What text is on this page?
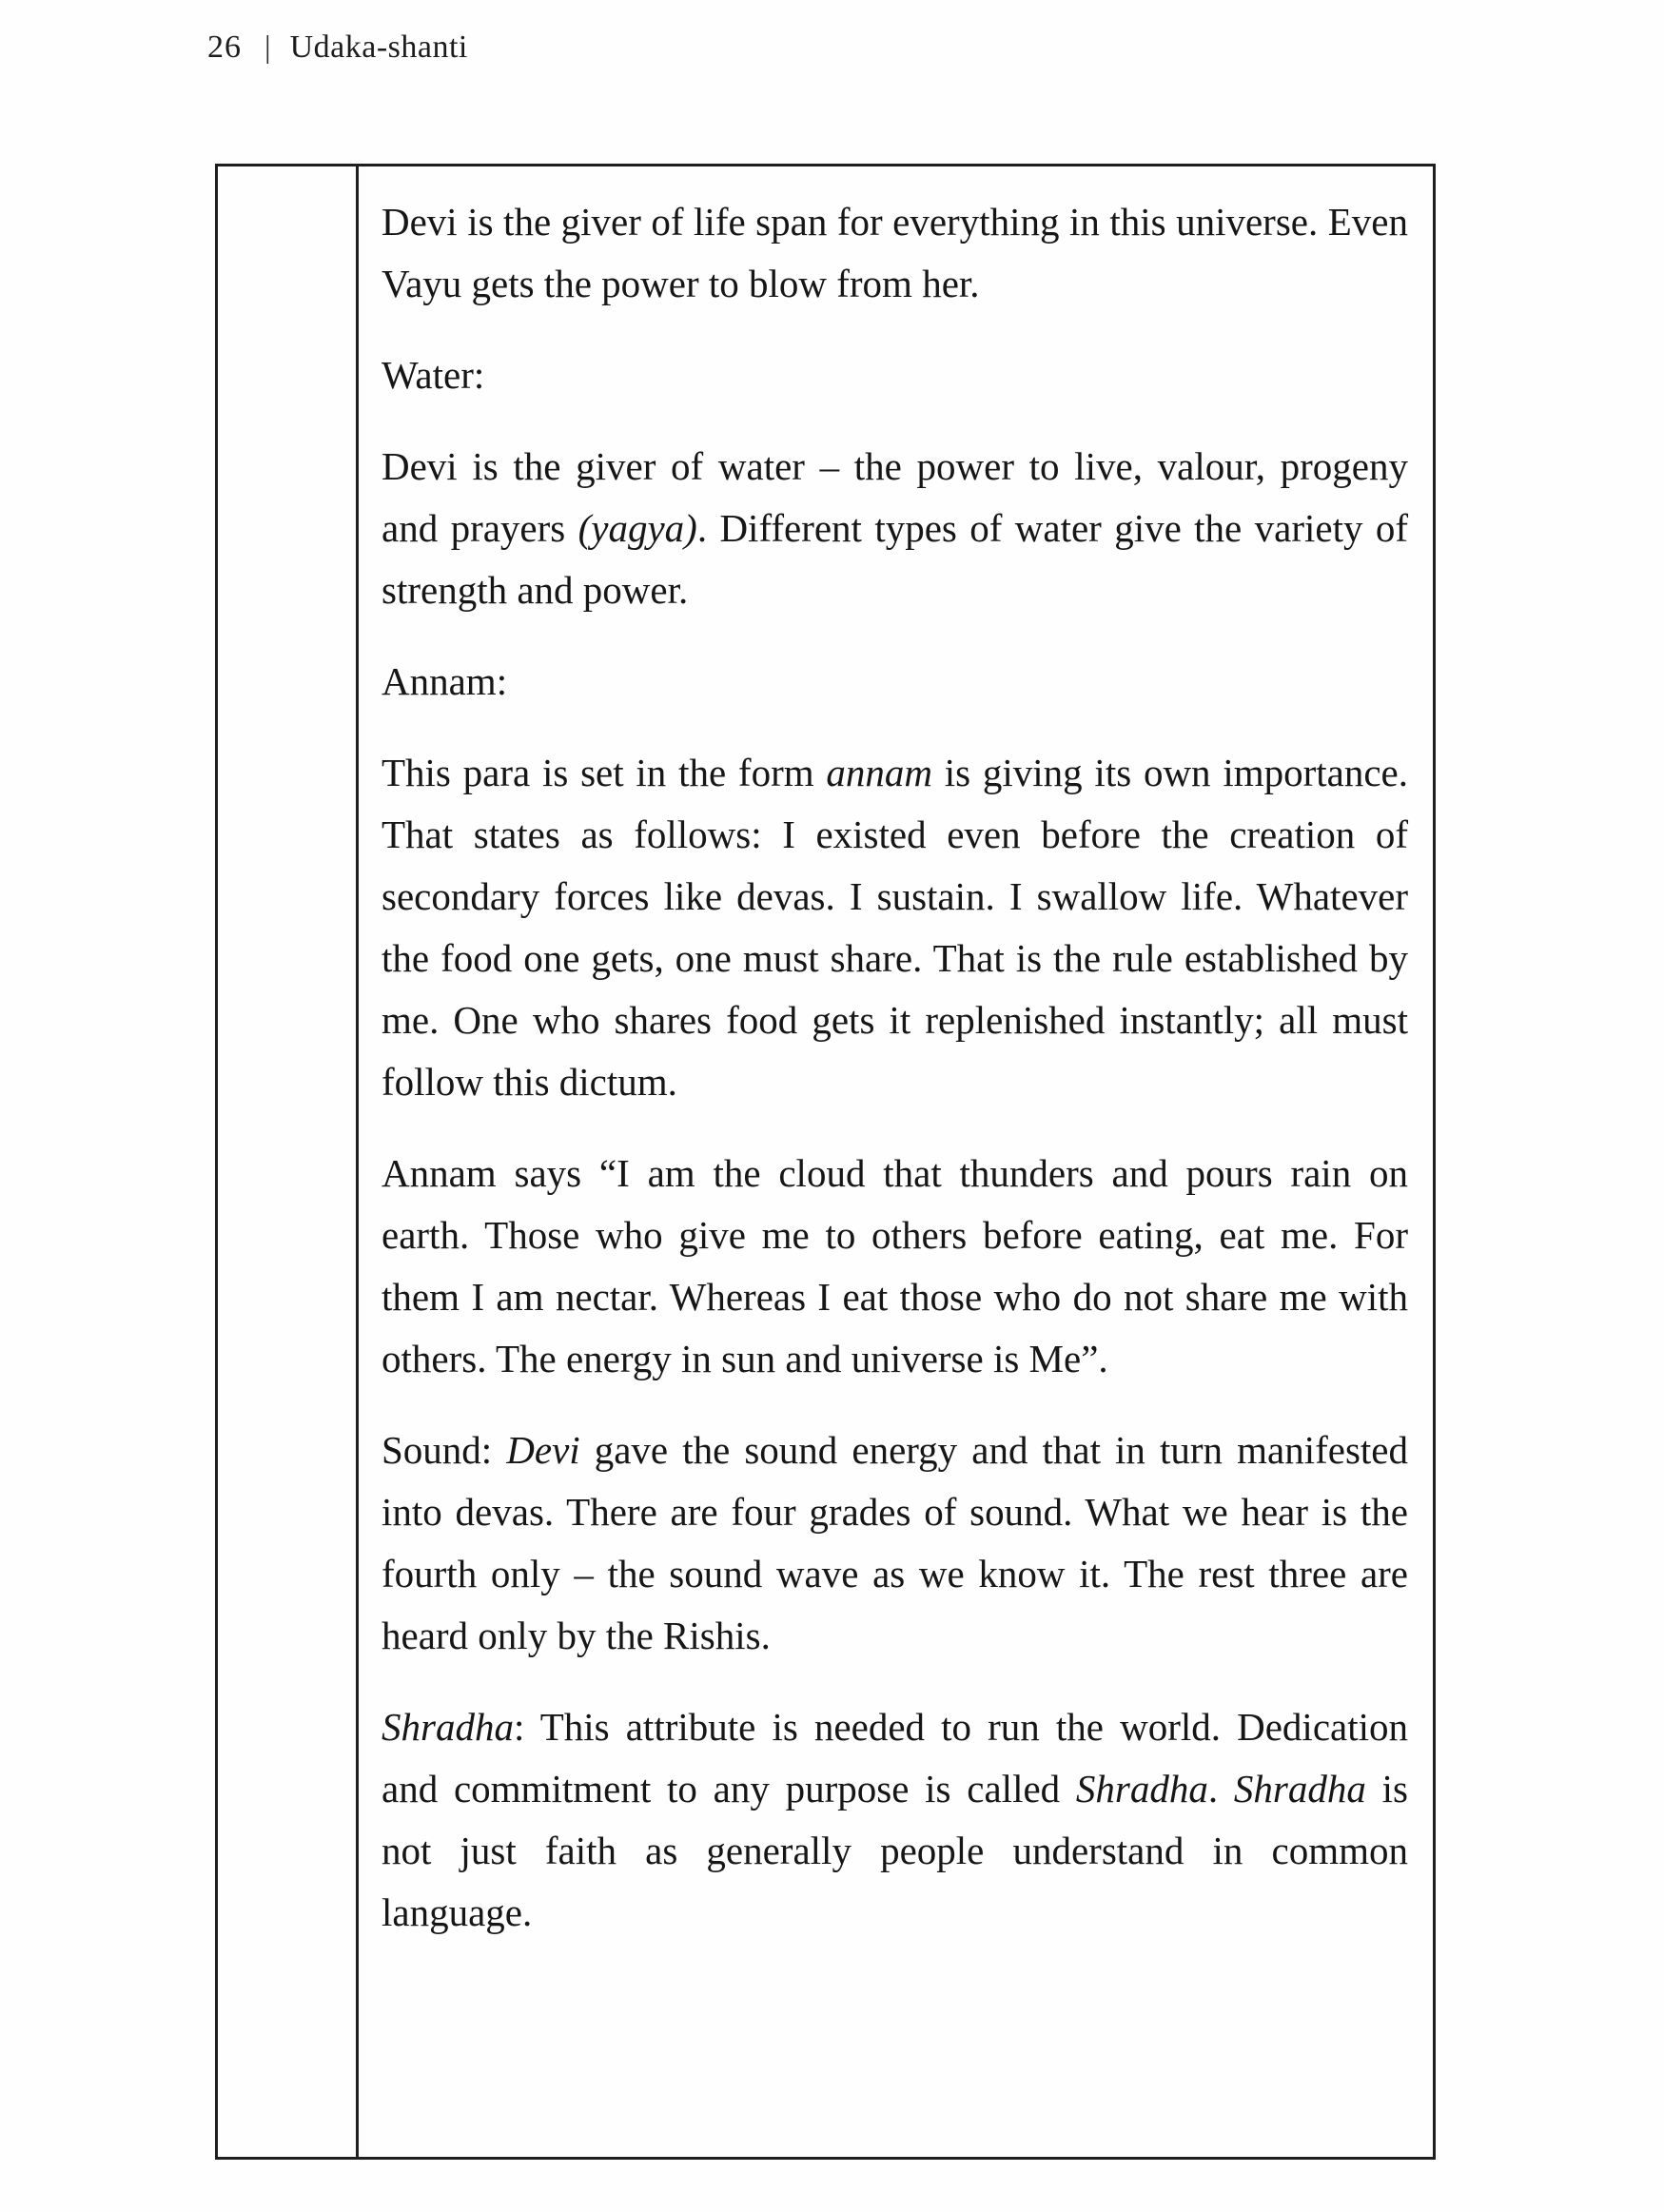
26 | Udaka-shanti

Devi is the giver of life span for everything in this universe. Even Vayu gets the power to blow from her.

Water:

Devi is the giver of water – the power to live, valour, progeny and prayers (yagya). Different types of water give the variety of strength and power.

Annam:

This para is set in the form annam is giving its own importance. That states as follows: I existed even before the creation of secondary forces like devas. I sustain. I swallow life. Whatever the food one gets, one must share. That is the rule established by me. One who shares food gets it replenished instantly; all must follow this dictum.

Annam says “I am the cloud that thunders and pours rain on earth. Those who give me to others before eating, eat me. For them I am nectar. Whereas I eat those who do not share me with others. The energy in sun and universe is Me”.

Sound: Devi gave the sound energy and that in turn manifested into devas. There are four grades of sound. What we hear is the fourth only – the sound wave as we know it. The rest three are heard only by the Rishis.

Shradha: This attribute is needed to run the world. Dedication and commitment to any purpose is called Shradha. Shradha is not just faith as generally people understand in common language.
